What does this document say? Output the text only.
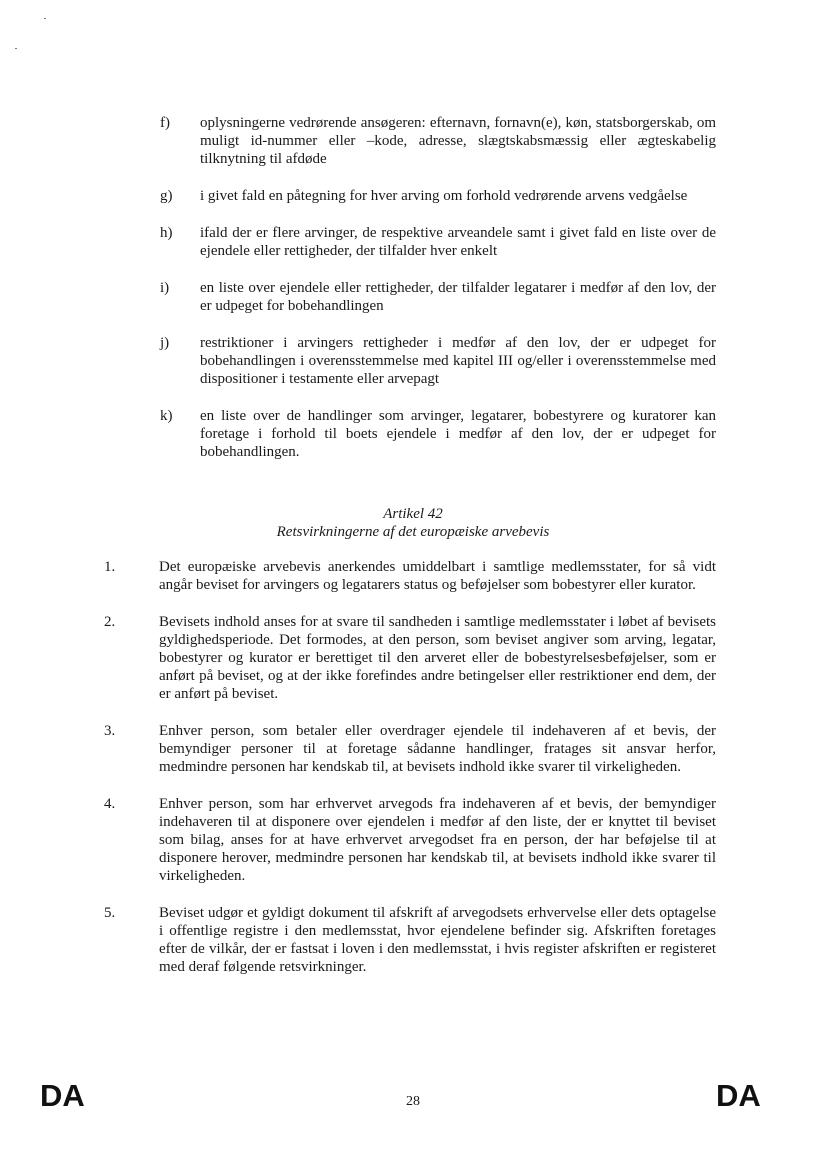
f)	oplysningerne vedrørende ansøgeren: efternavn, fornavn(e), køn, statsborgerskab, om muligt id-nummer eller –kode, adresse, slægtskabsmæssig eller ægteskabelig tilknytning til afdøde
g)	i givet fald en påtegning for hver arving om forhold vedrørende arvens vedgåelse
h)	ifald der er flere arvinger, de respektive arveandele samt i givet fald en liste over de ejendele eller rettigheder, der tilfalder hver enkelt
i)	en liste over ejendele eller rettigheder, der tilfalder legatarer i medfør af den lov, der er udpeget for bobehandlingen
j)	restriktioner i arvingers rettigheder i medfør af den lov, der er udpeget for bobehandlingen i overensstemmelse med kapitel III og/eller i overensstemmelse med dispositioner i testamente eller arvepagt
k)	en liste over de handlinger som arvinger, legatarer, bobestyrere og kuratorer kan foretage i forhold til boets ejendele i medfør af den lov, der er udpeget for bobehandlingen.
Artikel 42
Retsvirkningerne af det europæiske arvebevis
1.	Det europæiske arvebevis anerkendes umiddelbart i samtlige medlemsstater, for så vidt angår beviset for arvingers og legatarers status og beføjelser som bobestyrer eller kurator.
2.	Bevisets indhold anses for at svare til sandheden i samtlige medlemsstater i løbet af bevisets gyldighedsperiode. Det formodes, at den person, som beviset angiver som arving, legatar, bobestyrer og kurator er berettiget til den arveret eller de bobestyrelsesbeføjelser, som er anført på beviset, og at der ikke forefindes andre betingelser eller restriktioner end dem, der er anført på beviset.
3.	Enhver person, som betaler eller overdrager ejendele til indehaveren af et bevis, der bemyndiger personer til at foretage sådanne handlinger, fratages sit ansvar herfor, medmindre personen har kendskab til, at bevisets indhold ikke svarer til virkeligheden.
4.	Enhver person, som har erhvervet arvegods fra indehaveren af et bevis, der bemyndiger indehaveren til at disponere over ejendelen i medfør af den liste, der er knyttet til beviset som bilag, anses for at have erhvervet arvegodset fra en person, der har beføjelse til at disponere herover, medmindre personen har kendskab til, at bevisets indhold ikke svarer til virkeligheden.
5.	Beviset udgør et gyldigt dokument til afskrift af arvegodsets erhvervelse eller dets optagelse i offentlige registre i den medlemsstat, hvor ejendelene befinder sig. Afskriften foretages efter de vilkår, der er fastsat i loven i den medlemsstat, i hvis register afskriften er registeret med deraf følgende retsvirkninger.
DA	28	DA
